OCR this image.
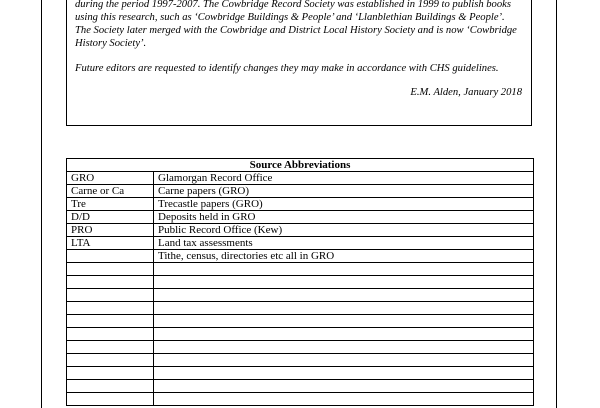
during the period 1997-2007. The Cowbridge Record Society was established in 1999 to publish books using this research, such as ‘Cowbridge Buildings & People’ and ‘Llanblethian Buildings & People’. The Society later merged with the Cowbridge and District Local History Society and is now ‘Cowbridge History Society’.

Future editors are requested to identify changes they may make in accordance with CHS guidelines.

E.M. Alden, January 2018

Source Abbreviations	
GRO	Glamorgan Record Office
Carne or Ca	Carne papers (GRO)
Tre	Trecastle papers (GRO)
D/D	Deposits held in GRO
PRO	Public Record Office (Kew)
LTA	Land tax assessments
	Tithe, census, directories etc all in GRO
